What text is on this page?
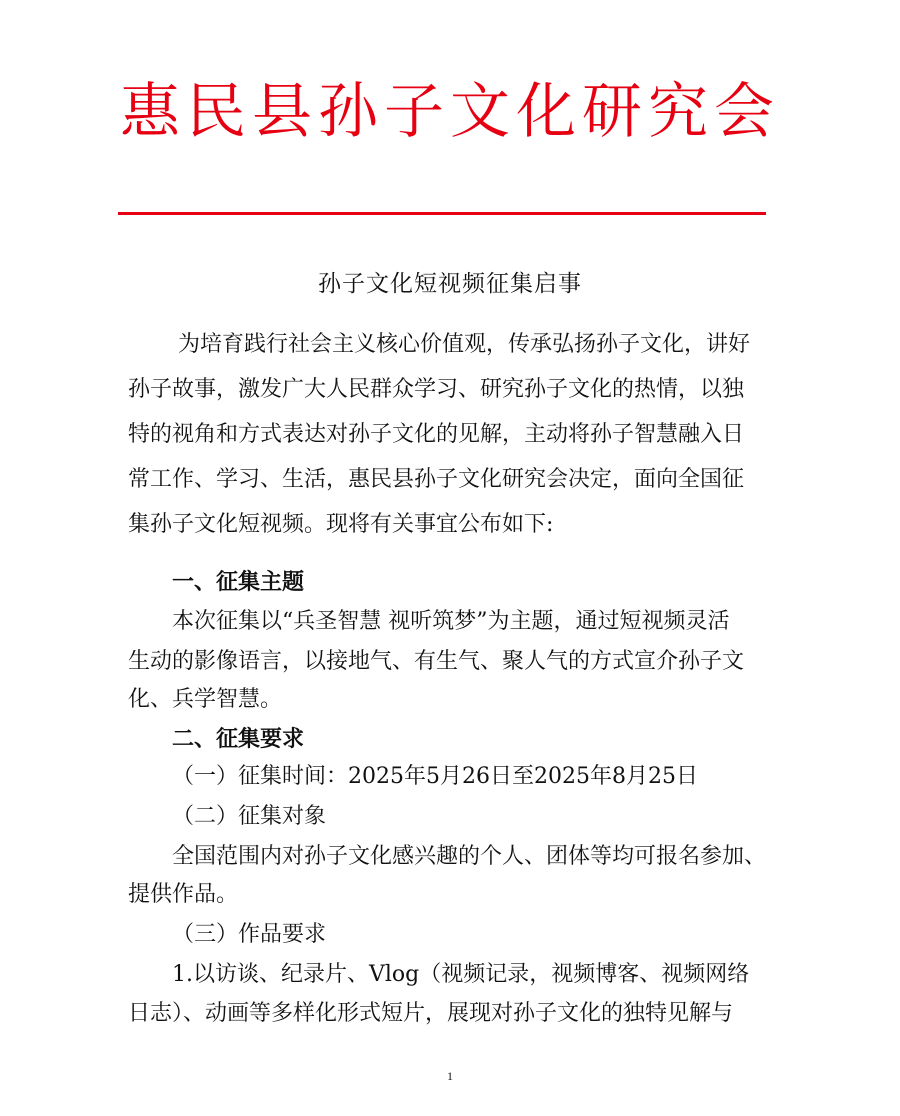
惠民县孙子文化研究会
孙子文化短视频征集启事
为培育践行社会主义核心价值观，传承弘扬孙子文化，讲好
孙子故事，激发广大人民群众学习、研究孙子文化的热情，以独
特的视角和方式表达对孙子文化的见解，主动将孙子智慧融入日
常工作、学习、生活，惠民县孙子文化研究会决定，面向全国征
集孙子文化短视频。现将有关事宜公布如下:
一、征集主题
本次征集以“兵圣智慧 视听筑梦”为主题，通过短视频灵活
生动的影像语言，以接地气、有生气、聚人气的方式宣介孙子文
化、兵学智慧。
二、征集要求
（一）征集时间：2025年5月26日至2025年8月25日
（二）征集对象
全国范围内对孙子文化感兴趣的个人、团体等均可报名参加、
提供作品。
（三）作品要求
1.以访谈、纪录片、Vlog（视频记录，视频博客、视频网络
日志）、动画等多样化形式短片，展现对孙子文化的独特见解与
1
